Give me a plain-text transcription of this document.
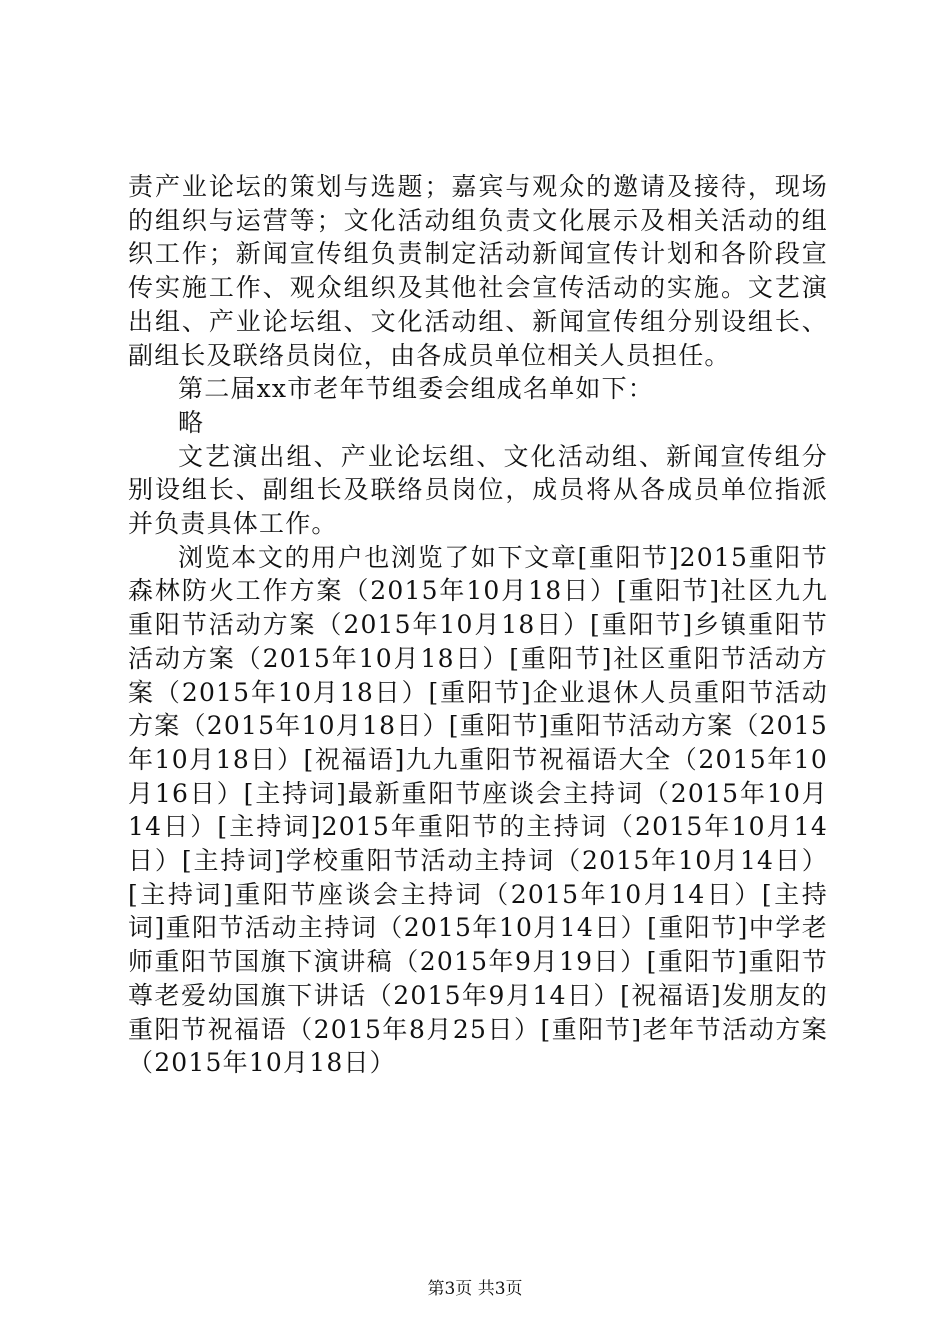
责产业论坛的策划与选题；嘉宾与观众的邀请及接待，现场的组织与运营等；文化活动组负责文化展示及相关活动的组织工作；新闻宣传组负责制定活动新闻宣传计划和各阶段宣传实施工作、观众组织及其他社会宣传活动的实施。文艺演出组、产业论坛组、文化活动组、新闻宣传组分别设组长、副组长及联络员岗位，由各成员单位相关人员担任。

第二届xx市老年节组委会组成名单如下：

略

文艺演出组、产业论坛组、文化活动组、新闻宣传组分别设组长、副组长及联络员岗位，成员将从各成员单位指派并负责具体工作。

浏览本文的用户也浏览了如下文章[重阳节]2015重阳节森林防火工作方案（2015年10月18日）[重阳节]社区九九重阳节活动方案（2015年10月18日）[重阳节]乡镇重阳节活动方案（2015年10月18日）[重阳节]社区重阳节活动方案（2015年10月18日）[重阳节]企业退休人员重阳节活动方案（2015年10月18日）[重阳节]重阳节活动方案（2015年10月18日）[祝福语]九九重阳节祝福语大全（2015年10月16日）[主持词]最新重阳节座谈会主持词（2015年10月14日）[主持词]2015年重阳节的主持词（2015年10月14日）[主持词]学校重阳节活动主持词（2015年10月14日）[主持词]重阳节座谈会主持词（2015年10月14日）[主持词]重阳节活动主持词（2015年10月14日）[重阳节]中学老师重阳节国旗下演讲稿（2015年9月19日）[重阳节]重阳节尊老爱幼国旗下讲话（2015年9月14日）[祝福语]发朋友的重阳节祝福语（2015年8月25日）[重阳节]老年节活动方案（2015年10月18日）

第3页 共3页
